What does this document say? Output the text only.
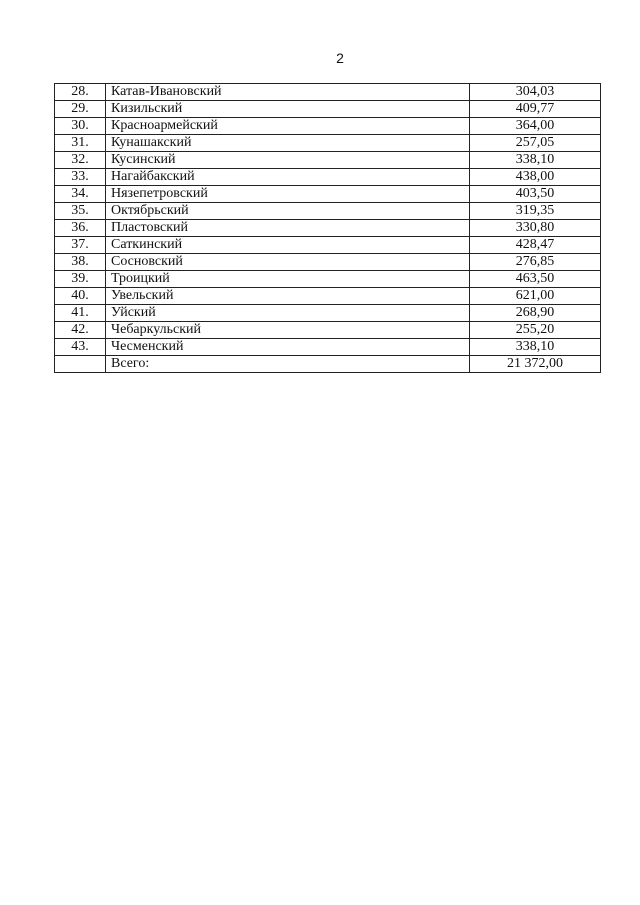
2
28.	Катав-Ивановский	304,03
29.	Кизильский	409,77
30.	Красноармейский	364,00
31.	Кунашакский	257,05
32.	Кусинский	338,10
33.	Нагайбакский	438,00
34.	Нязепетровский	403,50
35.	Октябрьский	319,35
36.	Пластовский	330,80
37.	Саткинский	428,47
38.	Сосновский	276,85
39.	Троицкий	463,50
40.	Увельский	621,00
41.	Уйский	268,90
42.	Чебаркульский	255,20
43.	Чесменский	338,10
	Всего:	21 372,00
